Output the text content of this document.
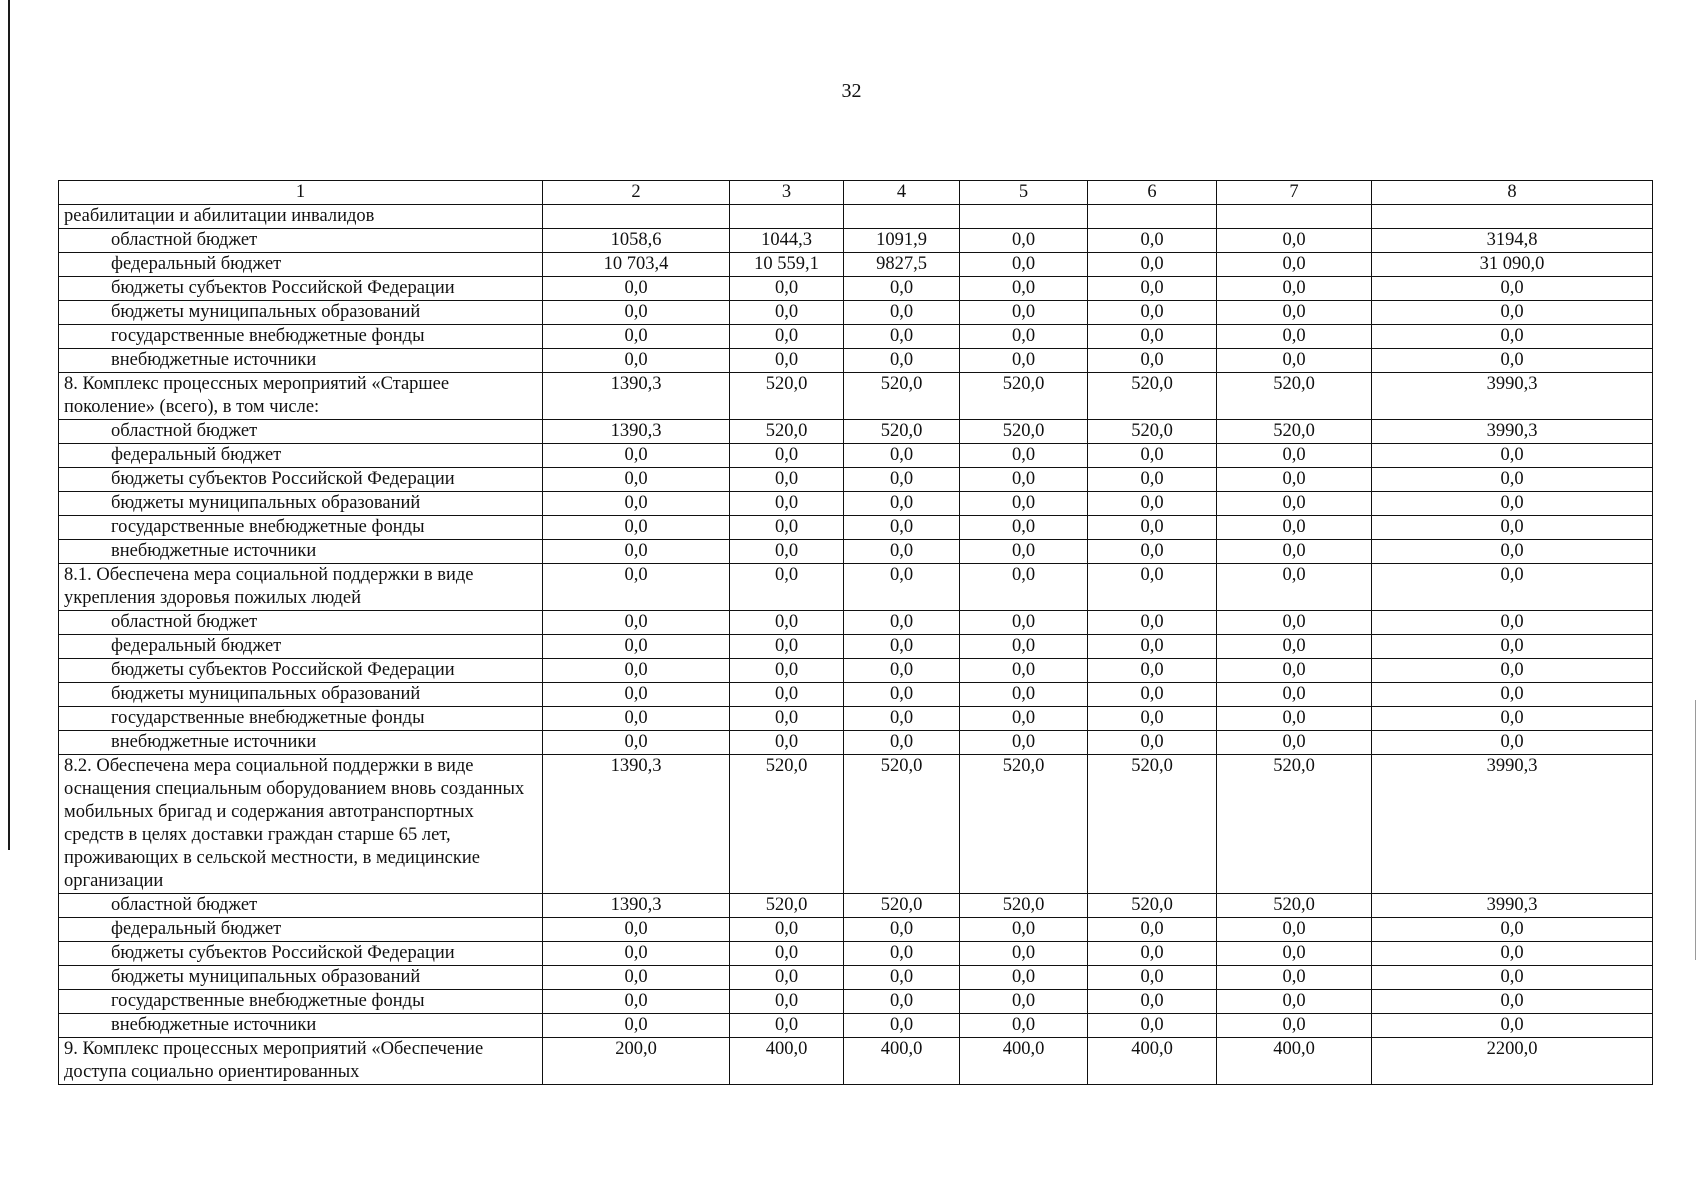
32
1	2	3	4	5	6	7	8
реабилитации и абилитации инвалидов							
областной бюджет	1058,6	1044,3	1091,9	0,0	0,0	0,0	3194,8
федеральный бюджет	10 703,4	10 559,1	9827,5	0,0	0,0	0,0	31 090,0
бюджеты субъектов Российской Федерации	0,0	0,0	0,0	0,0	0,0	0,0	0,0
бюджеты муниципальных образований	0,0	0,0	0,0	0,0	0,0	0,0	0,0
государственные внебюджетные фонды	0,0	0,0	0,0	0,0	0,0	0,0	0,0
внебюджетные источники	0,0	0,0	0,0	0,0	0,0	0,0	0,0
8. Комплекс процессных мероприятий «Старшее поколение» (всего), в том числе:	1390,3	520,0	520,0	520,0	520,0	520,0	3990,3
областной бюджет	1390,3	520,0	520,0	520,0	520,0	520,0	3990,3
федеральный бюджет	0,0	0,0	0,0	0,0	0,0	0,0	0,0
бюджеты субъектов Российской Федерации	0,0	0,0	0,0	0,0	0,0	0,0	0,0
бюджеты муниципальных образований	0,0	0,0	0,0	0,0	0,0	0,0	0,0
государственные внебюджетные фонды	0,0	0,0	0,0	0,0	0,0	0,0	0,0
внебюджетные источники	0,0	0,0	0,0	0,0	0,0	0,0	0,0
8.1. Обеспечена мера социальной поддержки в виде укрепления здоровья пожилых людей	0,0	0,0	0,0	0,0	0,0	0,0	0,0
областной бюджет	0,0	0,0	0,0	0,0	0,0	0,0	0,0
федеральный бюджет	0,0	0,0	0,0	0,0	0,0	0,0	0,0
бюджеты субъектов Российской Федерации	0,0	0,0	0,0	0,0	0,0	0,0	0,0
бюджеты муниципальных образований	0,0	0,0	0,0	0,0	0,0	0,0	0,0
государственные внебюджетные фонды	0,0	0,0	0,0	0,0	0,0	0,0	0,0
внебюджетные источники	0,0	0,0	0,0	0,0	0,0	0,0	0,0
8.2. Обеспечена мера социальной поддержки в виде оснащения специальным оборудованием вновь созданных мобильных бригад и содержания автотранспортных средств в целях доставки граждан старше 65 лет, проживающих в сельской местности, в медицинские организации	1390,3	520,0	520,0	520,0	520,0	520,0	3990,3
областной бюджет	1390,3	520,0	520,0	520,0	520,0	520,0	3990,3
федеральный бюджет	0,0	0,0	0,0	0,0	0,0	0,0	0,0
бюджеты субъектов Российской Федерации	0,0	0,0	0,0	0,0	0,0	0,0	0,0
бюджеты муниципальных образований	0,0	0,0	0,0	0,0	0,0	0,0	0,0
государственные внебюджетные фонды	0,0	0,0	0,0	0,0	0,0	0,0	0,0
внебюджетные источники	0,0	0,0	0,0	0,0	0,0	0,0	0,0
9. Комплекс процессных мероприятий «Обеспечение доступа социально ориентированных	200,0	400,0	400,0	400,0	400,0	400,0	2200,0
